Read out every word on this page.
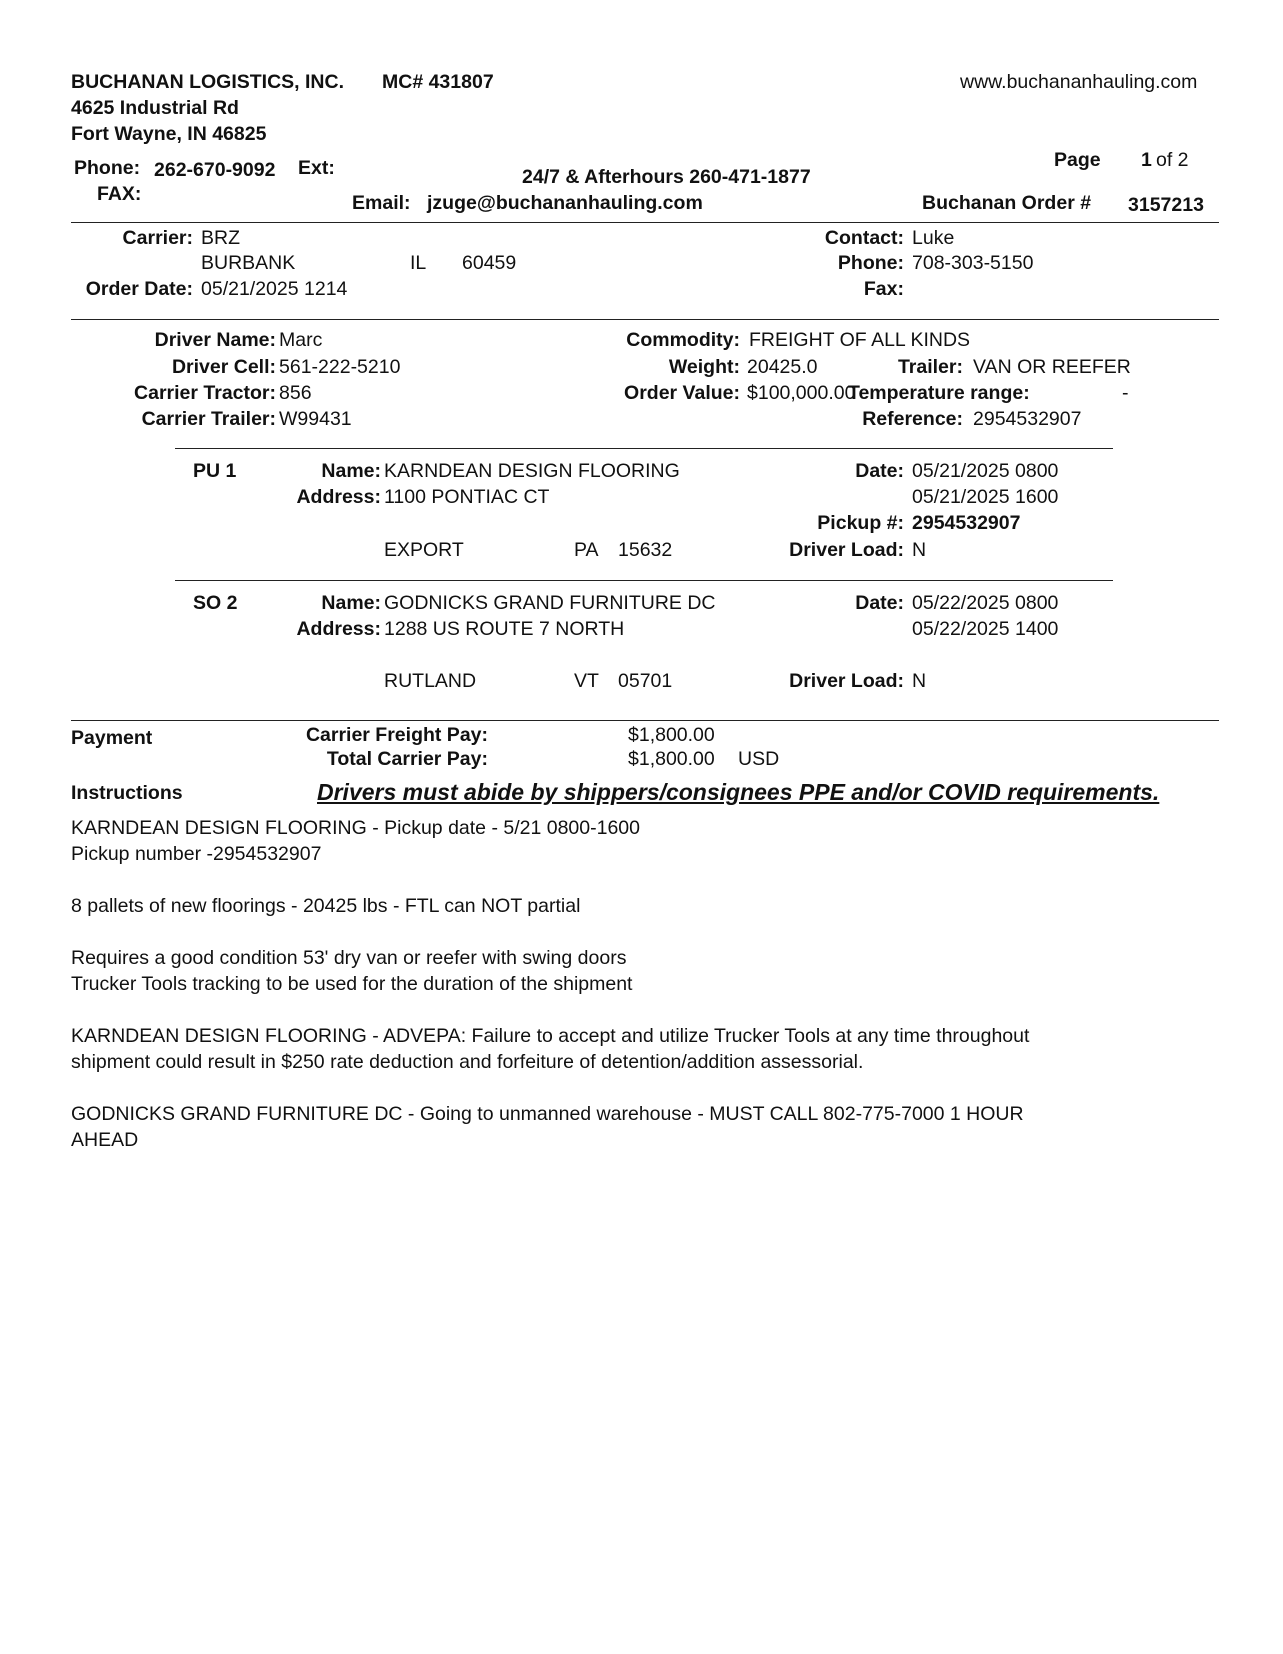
BUCHANAN LOGISTICS, INC. MC# 431807	www.buchananhauling.com
4625 Industrial Rd
Fort Wayne, IN 46825
Phone: 262-670-9092 Ext:
FAX:
24/7 & Afterhours 260-471-1877
Email: jzuge@buchananhauling.com
Page 1 of 2
Buchanan Order # 3157213
Carrier: BRZ
BURBANK	IL 60459
Order Date: 05/21/2025 1214
Contact: Luke
Phone: 708-303-5150
Fax:
Driver Name: Marc
Driver Cell: 561-222-5210
Carrier Tractor: 856
Carrier Trailer: W99431
Commodity: FREIGHT OF ALL KINDS
Weight: 20425.0	Trailer: VAN OR REEFER
Order Value: $100,000.00
Temperature range:	-
Reference: 2954532907
PU 1	Name: KARNDEAN DESIGN FLOORING
Address: 1100 PONTIAC CT
EXPORT	PA 15632
Date: 05/21/2025 0800
05/21/2025 1600
Pickup #: 2954532907
Driver Load: N
SO 2	Name: GODNICKS GRAND FURNITURE DC
Address: 1288 US ROUTE 7 NORTH
RUTLAND	VT 05701
Date: 05/22/2025 0800
05/22/2025 1400
Driver Load: N
Payment	Carrier Freight Pay:	$1,800.00
Total Carrier Pay:	$1,800.00 USD
Instructions	Drivers must abide by shippers/consignees PPE and/or COVID requirements.
KARNDEAN DESIGN FLOORING - Pickup date - 5/21 0800-1600
Pickup number -2954532907
8 pallets of new floorings - 20425 lbs - FTL can NOT partial
Requires a good condition 53' dry van or reefer with swing doors
Trucker Tools tracking to be used for the duration of the shipment
KARNDEAN DESIGN FLOORING - ADVEPA: Failure to accept and utilize Trucker Tools at any time throughout
shipment could result in $250 rate deduction and forfeiture of detention/addition assessorial.
GODNICKS GRAND FURNITURE DC - Going to unmanned warehouse - MUST CALL 802-775-7000 1 HOUR
AHEAD
